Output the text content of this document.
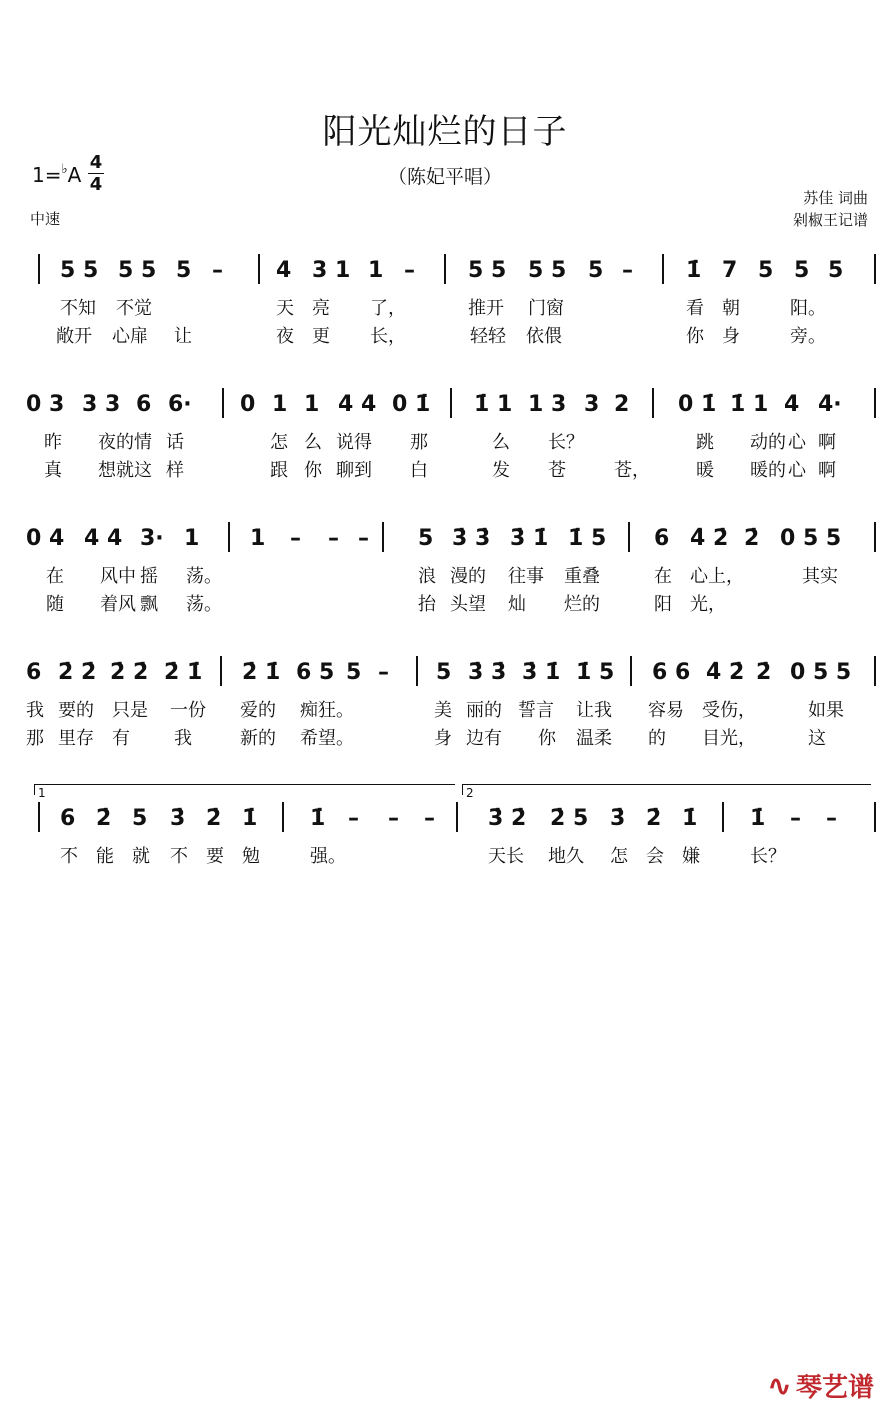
阳光灿烂的日子
（陈妃平唱）
1=♭A
4
4
中速
苏佳 词曲
剁椒王记谱
5 5 5 5 5 – 4 3 1 1 – 5 5 5 5 5 – 1̇ 7 5 5 5
不知 不觉	天 亮 了，	推开 门窗	看 朝	阳。
敞开 心扉 让	夜 更 长，	轻轻 依偎	你 身	旁。
0 3 3 3 6 6· 0 1 1 4 4 0 1̇ 1̇ 1 1 3 3 2 0 1̇ 1̇ 1 4 4·
昨 夜的 情 话	怎 么 说得 那	么 长？	跳 动的 心 啊
真 想就 这 样	跟 你 聊到 白	发 苍	苍，	暖 暖的 心 啊
0 4 4 4 3· 1 1 – – – 5 3̇ 3̇ 3̇ 1̇ 1̇ 5 6 4̇ 2̇ 2̇ 0 5 5
在 风中 摇 荡。	浪 漫的 往事 重叠	在 心上，	其实
随 着风 飘 荡。	抬 头望 灿 烂的	阳 光，
6 2̇ 2̇ 2̇ 2̇ 2̇ 1̇ 2̇ 1̇ 6 5 5 – 5 3̇ 3̇ 3̇ 1̇ 1̇ 5 6 6 4̇ 2̇ 2̇ 0 5 5
我 要的 只是 一份 爱的 痴狂。	美 丽的 誓言 让我 容易 受伤，	如果
那 里存 有 我	新的 希望。	身 边有 你 温柔 的 目光，	这
6 2̇ 5 3̇ 2̇ 1̇ 1̇ – – – 3̇ 2̇ 2̇ 5 3̇ 2̇ 1̇ 1̇ – –
1	2
不 能 就 不 要 勉	强。	天长 地久 怎 会 嫌	长？
∿ 琴艺谱
